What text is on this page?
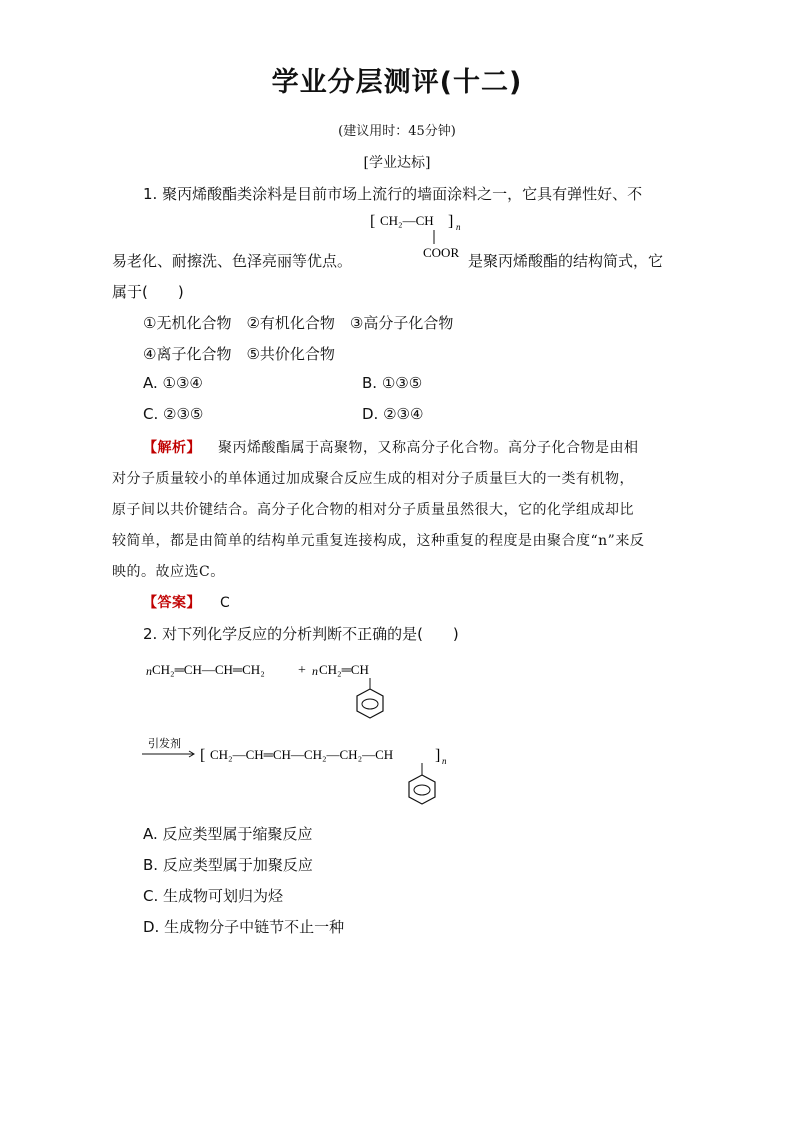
学业分层测评(十二)
(建议用时：45分钟)
[学业达标]
1. 聚丙烯酸酯类涂料是目前市场上流行的墙面涂料之一，它具有弹性好、不
[ CH₂—CH ] n
COOR
易老化、耐擦洗、色泽亮丽等优点。	是聚丙烯酸酯的结构简式，它
属于(　　)
①无机化合物　②有机化合物　③高分子化合物
④离子化合物　⑤共价化合物
A. ①③④	B. ①③⑤
C. ②③⑤	D. ②③④
【解析】 聚丙烯酸酯属于高聚物，又称高分子化合物。高分子化合物是由相
对分子质量较小的单体通过加成聚合反应生成的相对分子质量巨大的一类有机物，
原子间以共价键结合。高分子化合物的相对分子质量虽然很大，它的化学组成却比
较简单，都是由简单的结构单元重复连接构成，这种重复的程度是由聚合度“n”来反
映的。故应选C。
【答案】 C
2. 对下列化学反应的分析判断不正确的是(　　)
n CH₂═CH—CH═CH₂ + n CH₂═CH
引发剂
[ CH₂—CH═CH—CH₂—CH₂—CH	] n
A. 反应类型属于缩聚反应
B. 反应类型属于加聚反应
C. 生成物可划归为烃
D. 生成物分子中链节不止一种
